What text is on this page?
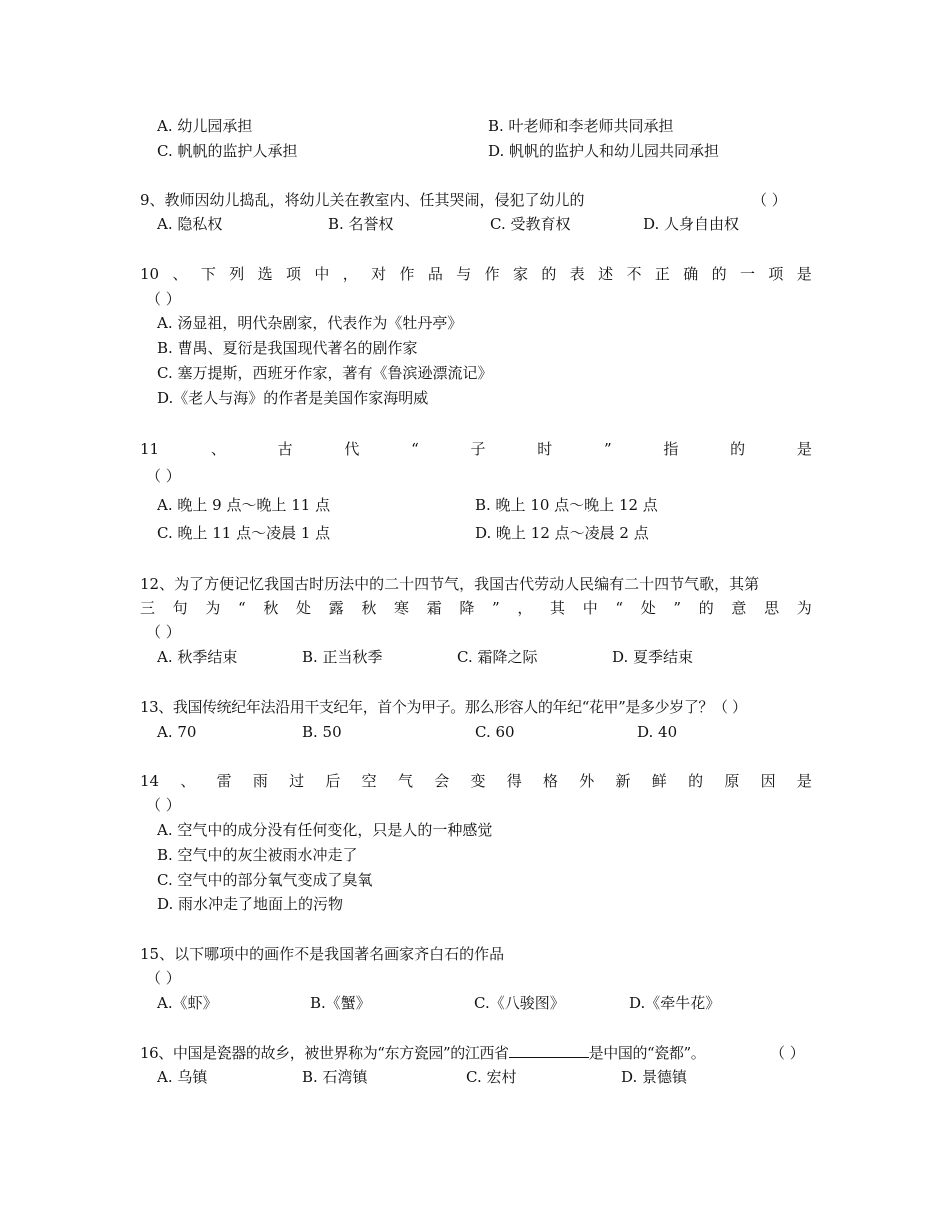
A. 幼儿园承担	B. 叶老师和李老师共同承担
C. 帆帆的监护人承担	D. 帆帆的监护人和幼儿园共同承担
9、教师因幼儿捣乱，将幼儿关在教室内、任其哭闹，侵犯了幼儿的	（ ）
A. 隐私权	B. 名誉权	C. 受教育权	D. 人身自由权
10 、 下 列 选 项 中 ， 对 作 品 与 作 家 的 表 述 不 正 确 的 一 项 是
（ ）
A. 汤显祖，明代杂剧家，代表作为《牡丹亭》
B. 曹禺、夏衍是我国现代著名的剧作家
C. 塞万提斯，西班牙作家，著有《鲁滨逊漂流记》
D.《老人与海》的作者是美国作家海明威
11	、	古	代	“	子	时	”	指	的	是
（ ）
A. 晚上 9 点～晚上 11 点	B. 晚上 10 点～晚上 12 点
C. 晚上 11 点～凌晨 1 点	D. 晚上 12 点～凌晨 2 点
12、为了方便记忆我国古时历法中的二十四节气，我国古代劳动人民编有二十四节气歌，其第
三 句 为 “ 秋 处 露 秋 寒 霜 降 ” ， 其 中 “ 处 ” 的 意 思 为
（ ）
A. 秋季结束	B. 正当秋季	C. 霜降之际	D. 夏季结束
13、我国传统纪年法沿用干支纪年，首个为甲子。那么形容人的年纪“花甲”是多少岁了？（ ）
A. 70	B. 50	C. 60	D. 40
14 、 雷 雨 过 后 空 气 会 变 得 格 外 新 鲜 的 原 因 是
（ ）
A. 空气中的成分没有任何变化，只是人的一种感觉
B. 空气中的灰尘被雨水冲走了
C. 空气中的部分氧气变成了臭氧
D. 雨水冲走了地面上的污物
15、以下哪项中的画作不是我国著名画家齐白石的作品
（ ）
A.《虾》	B.《蟹》	C.《八骏图》	D.《牵牛花》
16、中国是瓷器的故乡，被世界称为“东方瓷园”的江西省	是中国的“瓷都”。	（ ）
A. 乌镇	B. 石湾镇	C. 宏村	D. 景德镇
